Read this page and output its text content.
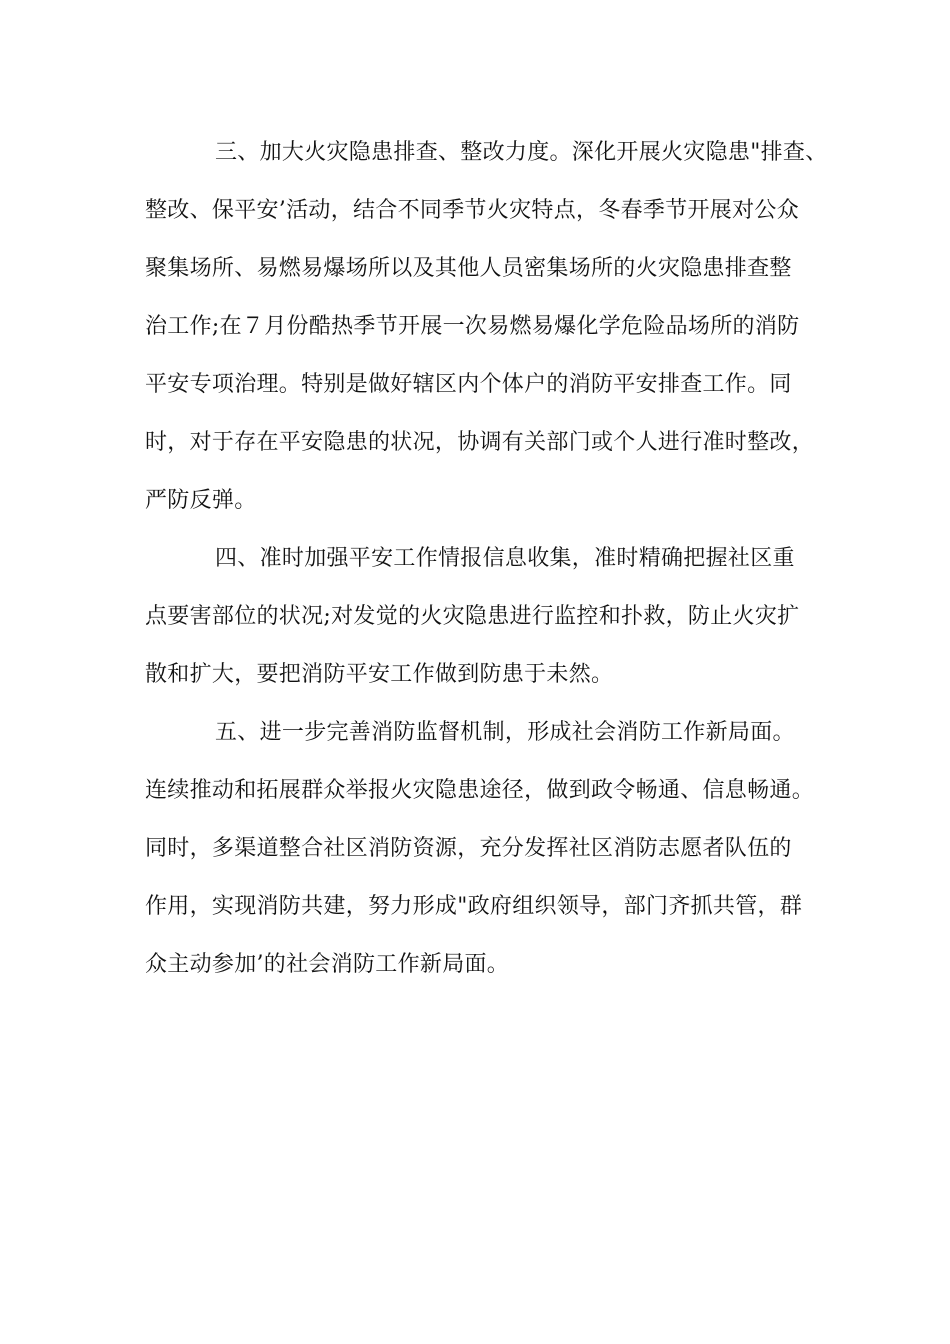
三、加大火灾隐患排查、整改力度。深化开展火灾隐患"排查、
整改、保平安’活动，结合不同季节火灾特点，冬春季节开展对公众
聚集场所、易燃易爆场所以及其他人员密集场所的火灾隐患排查整
治工作;在７月份酷热季节开展一次易燃易爆化学危险品场所的消防
平安专项治理。特别是做好辖区内个体户的消防平安排查工作。同
时，对于存在平安隐患的状况，协调有关部门或个人进行准时整改，
严防反弹。
四、准时加强平安工作情报信息收集，准时精确把握社区重
点要害部位的状况;对发觉的火灾隐患进行监控和扑救，防止火灾扩
散和扩大，要把消防平安工作做到防患于未然。
五、进一步完善消防监督机制，形成社会消防工作新局面。
连续推动和拓展群众举报火灾隐患途径，做到政令畅通、信息畅通。
同时，多渠道整合社区消防资源，充分发挥社区消防志愿者队伍的
作用，实现消防共建，努力形成"政府组织领导，部门齐抓共管，群
众主动参加’的社会消防工作新局面。
